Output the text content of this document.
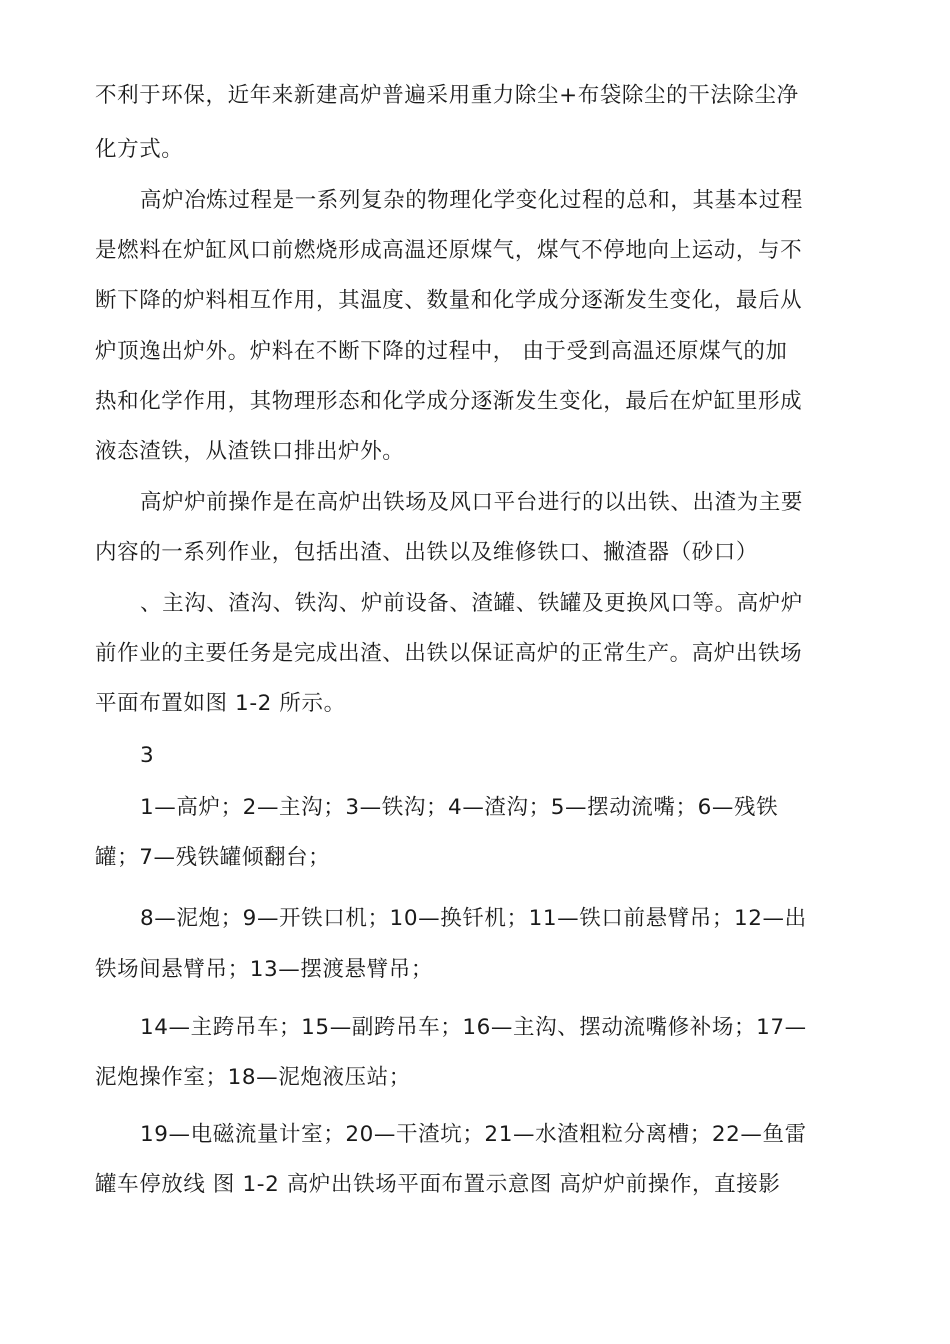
不利于环保，近年来新建高炉普遍采用重力除尘+布袋除尘的干法除尘净
化方式。
高炉冶炼过程是一系列复杂的物理化学变化过程的总和，其基本过程
是燃料在炉缸风口前燃烧形成高温还原煤气，煤气不停地向上运动，与不
断下降的炉料相互作用，其温度、数量和化学成分逐渐发生变化，最后从
炉顶逸出炉外。炉料在不断下降的过程中， 由于受到高温还原煤气的加
热和化学作用，其物理形态和化学成分逐渐发生变化，最后在炉缸里形成
液态渣铁，从渣铁口排出炉外。
高炉炉前操作是在高炉出铁场及风口平台进行的以出铁、出渣为主要
内容的一系列作业，包括出渣、出铁以及维修铁口、撇渣器（砂口）
、主沟、渣沟、铁沟、炉前设备、渣罐、铁罐及更换风口等。高炉炉
前作业的主要任务是完成出渣、出铁以保证高炉的正常生产。高炉出铁场
平面布置如图 1-2 所示。
3
1—高炉；2—主沟；3—铁沟；4—渣沟；5—摆动流嘴；6—残铁
罐；7—残铁罐倾翻台；
8—泥炮；9—开铁口机；10—换钎机；11—铁口前悬臂吊；12—出
铁场间悬臂吊；13—摆渡悬臂吊；
14—主跨吊车；15—副跨吊车；16—主沟、摆动流嘴修补场；17—
泥炮操作室；18—泥炮液压站；
19—电磁流量计室；20—干渣坑；21—水渣粗粒分离槽；22—鱼雷
罐车停放线 图 1-2 高炉出铁场平面布置示意图 高炉炉前操作，直接影
